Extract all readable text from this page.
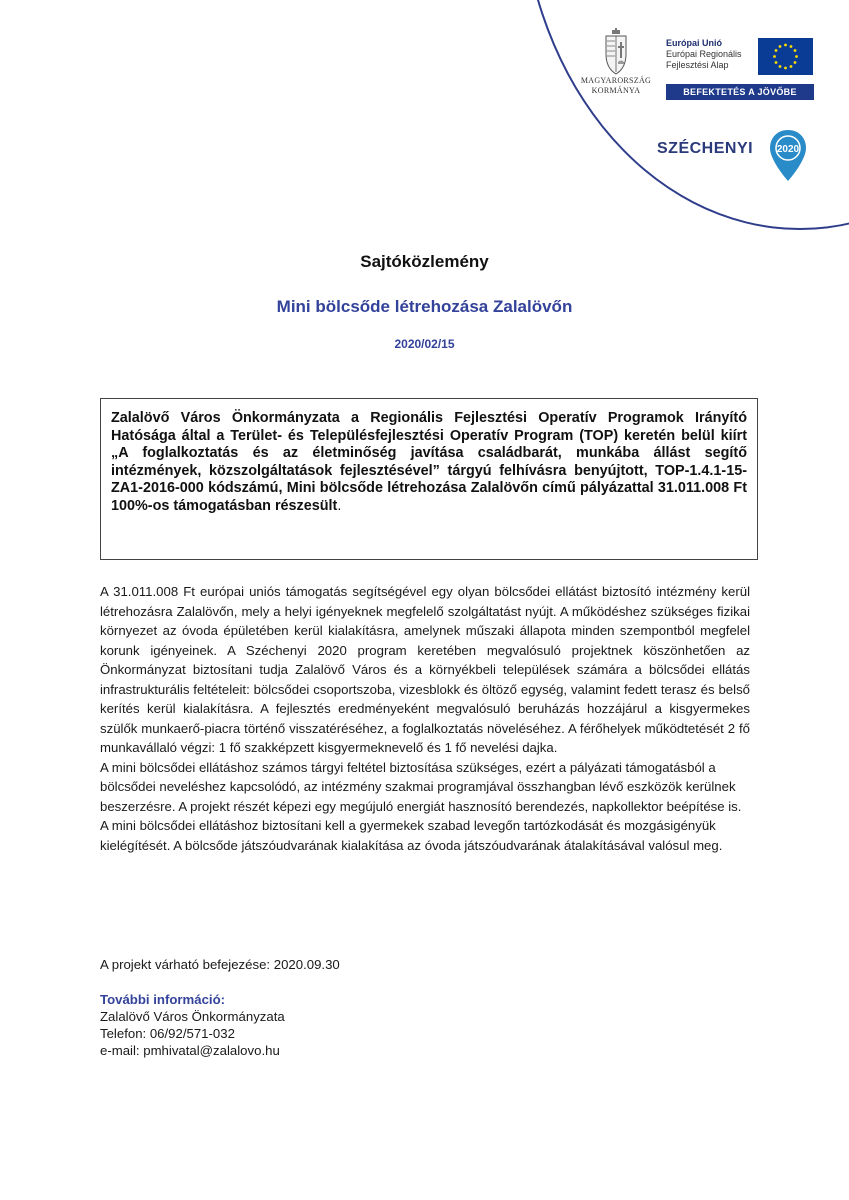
MAGYARORSZÁG
KORMÁNYA
Európai Unió
Európai Regionális
Fejlesztési Alap
BEFEKTETÉS A JÖVŐBE
SZÉCHENYI 2020
Sajtóközlemény
Mini bölcsőde létrehozása Zalalövőn
2020/02/15
Zalalövő Város Önkormányzata a Regionális Fejlesztési Operatív Programok Irányító Hatósága által a Terület- és Településfejlesztési Operatív Program (TOP) keretén belül kiírt „A foglalkoztatás és az életminőség javítása családbarát, munkába állást segítő intézmények, közszolgáltatások fejlesztésével” tárgyú felhívásra benyújtott, TOP-1.4.1-15-ZA1-2016-000 kódszámú, Mini bölcsőde létrehozása Zalalövőn című pályázattal 31.011.008 Ft 100%-os támogatásban részesült.

A 31.011.008 Ft európai uniós támogatás segítségével egy olyan bölcsődei ellátást biztosító intézmény kerül létrehozásra Zalalövőn, mely a helyi igényeknek megfelelő szolgáltatást nyújt. A működéshez szükséges fizikai környezet az óvoda épületében kerül kialakításra, amelynek műszaki állapota minden szempontból megfelel korunk igényeinek. A Széchenyi 2020 program keretében megvalósuló projektnek köszönhetően az Önkormányzat biztosítani tudja Zalalövő Város és a környékbeli települések számára a bölcsődei ellátás infrastrukturális feltételeit: bölcsődei csoportszoba, vizesblokk és öltöző egység, valamint fedett terasz és belső kerítés kerül kialakításra. A fejlesztés eredményeként megvalósuló beruházás hozzájárul a kisgyermekes szülők munkaerő-piacra történő visszatéréséhez, a foglalkoztatás növeléséhez. A férőhelyek működtetését 2 fő munkavállaló végzi: 1 fő szakképzett kisgyermeknevelő és 1 fő nevelési dajka.

A mini bölcsődei ellátáshoz számos tárgyi feltétel biztosítása szükséges, ezért a pályázati támogatásból a bölcsődei neveléshez kapcsolódó, az intézmény szakmai programjával összhangban lévő eszközök kerülnek beszerzésre. A projekt részét képezi egy megújuló energiát hasznosító berendezés, napkollektor beépítése is.

A mini bölcsődei ellátáshoz biztosítani kell a gyermekek szabad levegőn tartózkodását és mozgásigényük kielégítését. A bölcsőde játszóudvarának kialakítása az óvoda játszóudvarának átalakításával valósul meg.

A projekt várható befejezése: 2020.09.30
További információ:
Zalalövő Város Önkormányzata
Telefon: 06/92/571-032
e-mail: pmhivatal@zalalovo.hu
